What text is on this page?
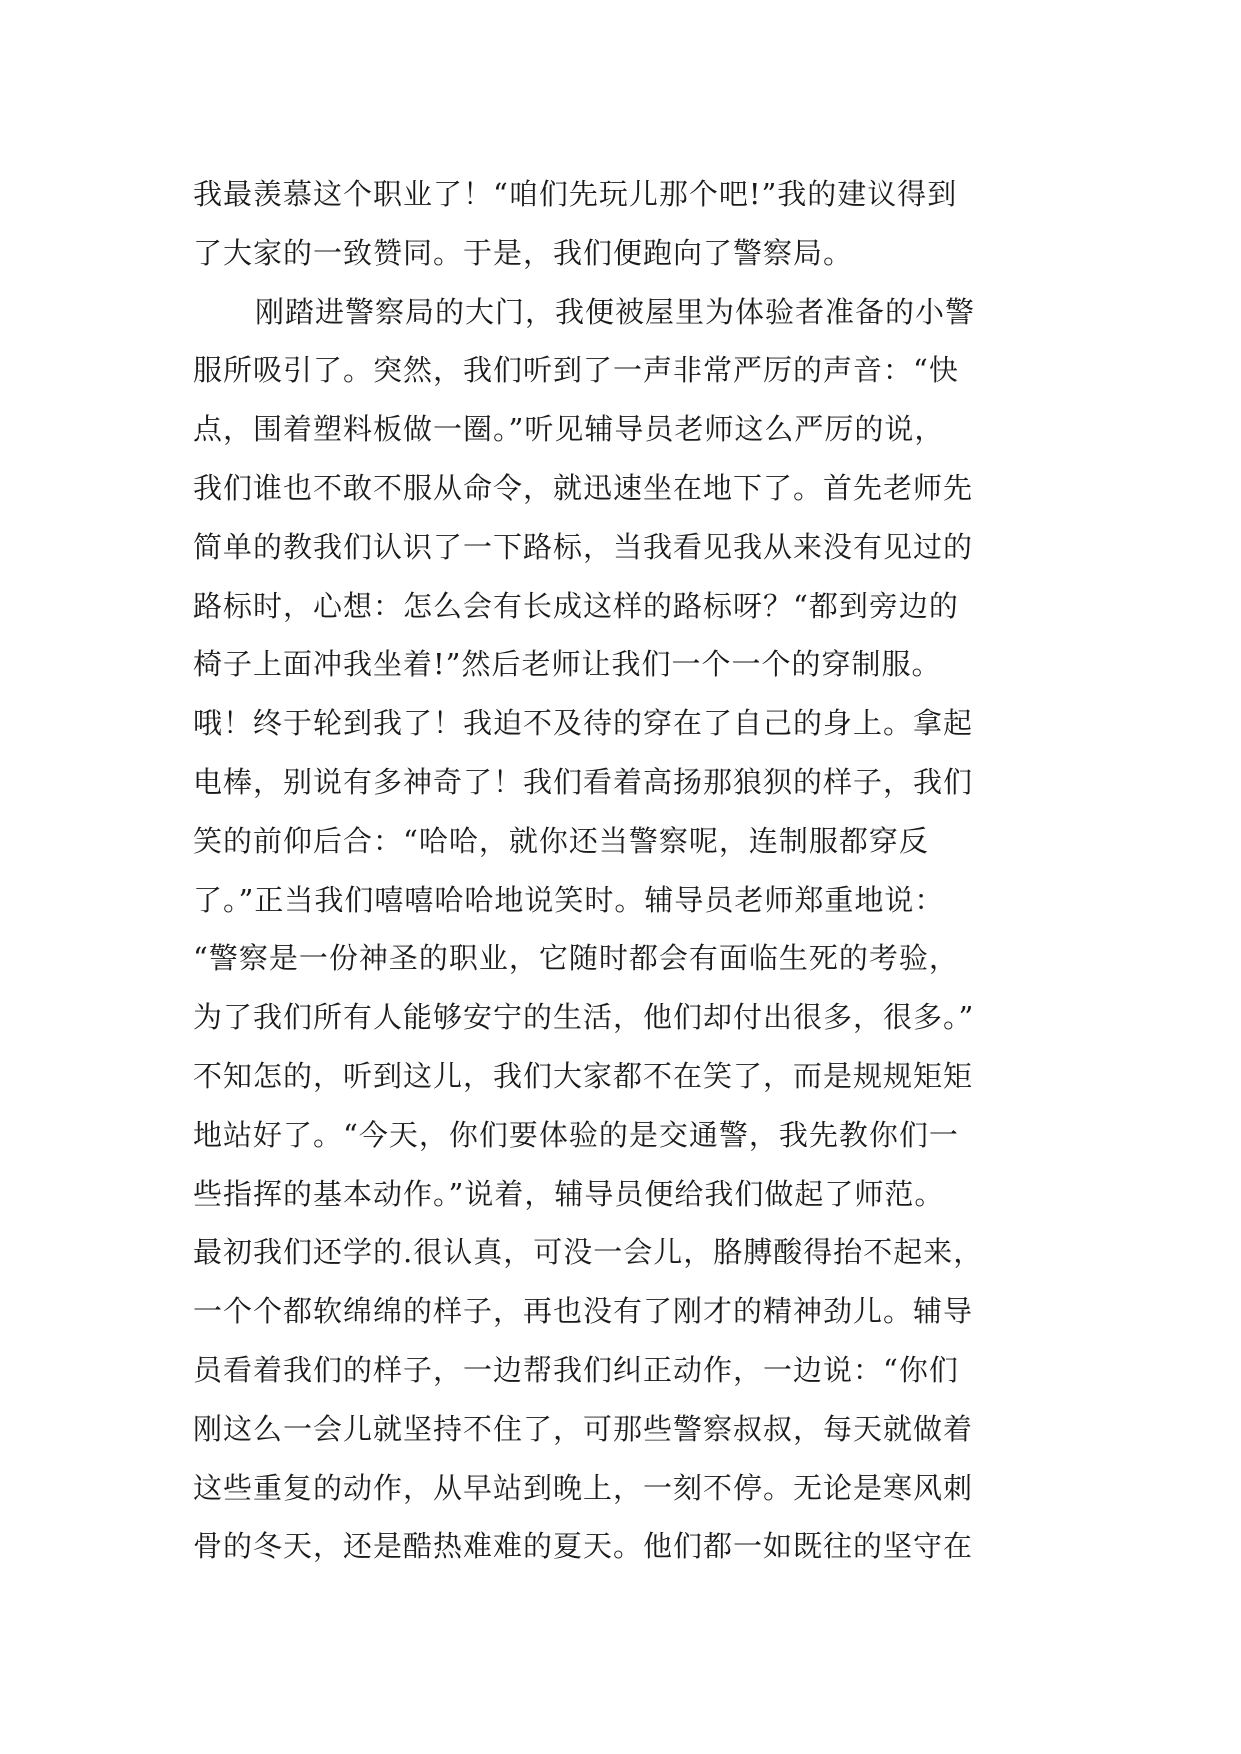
我最羡慕这个职业了！“咱们先玩儿那个吧!”我的建议得到
了大家的一致赞同。于是，我们便跑向了警察局。
刚踏进警察局的大门，我便被屋里为体验者准备的小警
服所吸引了。突然，我们听到了一声非常严厉的声音：“快
点，围着塑料板做一圈。”听见辅导员老师这么严厉的说，
我们谁也不敢不服从命令，就迅速坐在地下了。首先老师先
简单的教我们认识了一下路标，当我看见我从来没有见过的
路标时，心想：怎么会有长成这样的路标呀？“都到旁边的
椅子上面冲我坐着!”然后老师让我们一个一个的穿制服。
哦！终于轮到我了！我迫不及待的穿在了自己的身上。拿起
电棒，别说有多神奇了！我们看着高扬那狼狈的样子，我们
笑的前仰后合：“哈哈，就你还当警察呢，连制服都穿反
了。”正当我们嘻嘻哈哈地说笑时。辅导员老师郑重地说：
“警察是一份神圣的职业，它随时都会有面临生死的考验，
为了我们所有人能够安宁的生活，他们却付出很多，很多。”
不知怎的，听到这儿，我们大家都不在笑了，而是规规矩矩
地站好了。“今天，你们要体验的是交通警，我先教你们一
些指挥的基本动作。”说着，辅导员便给我们做起了师范。
最初我们还学的.很认真，可没一会儿，胳膊酸得抬不起来，
一个个都软绵绵的样子，再也没有了刚才的精神劲儿。辅导
员看着我们的样子，一边帮我们纠正动作，一边说：“你们
刚这么一会儿就坚持不住了，可那些警察叔叔，每天就做着
这些重复的动作，从早站到晚上，一刻不停。无论是寒风刺
骨的冬天，还是酷热难难的夏天。他们都一如既往的坚守在
